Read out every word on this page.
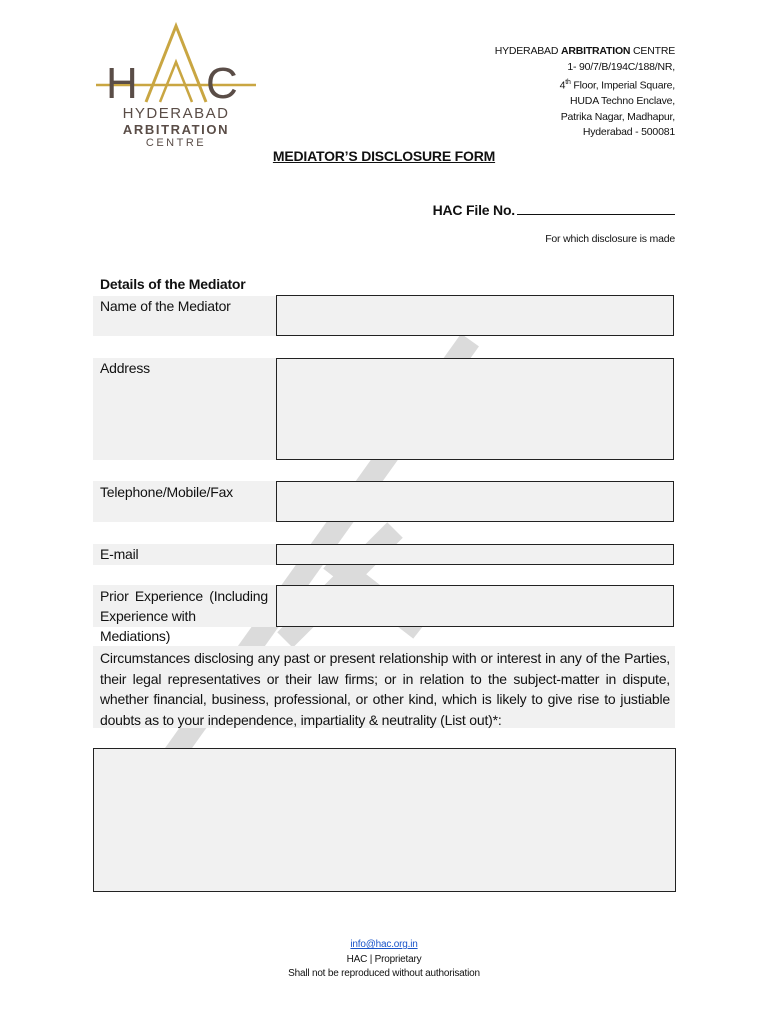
H C
HYDERABAD
ARBITRATION
CENTRE
HYDERABAD ARBITRATION CENTRE
1- 90/7/B/194C/188/NR,
4th Floor, Imperial Square,
HUDA Techno Enclave,
Patrika Nagar, Madhapur,
Hyderabad - 500081
MEDIATOR’S DISCLOSURE FORM
HAC File No.
For which disclosure is made
Details of the Mediator
Name of the Mediator
Address
Telephone/Mobile/Fax
E-mail
Prior Experience (Including
Experience with Mediations)
Circumstances disclosing any past or present relationship with or interest in any of the Parties, their legal representatives or their law firms; or in relation to the subject-matter in dispute, whether financial, business, professional, or other kind, which is likely to give rise to justiable doubts as to your independence, impartiality & neutrality (List out)*:
info@hac.org.in
HAC | Proprietary
Shall not be reproduced without authorisation
